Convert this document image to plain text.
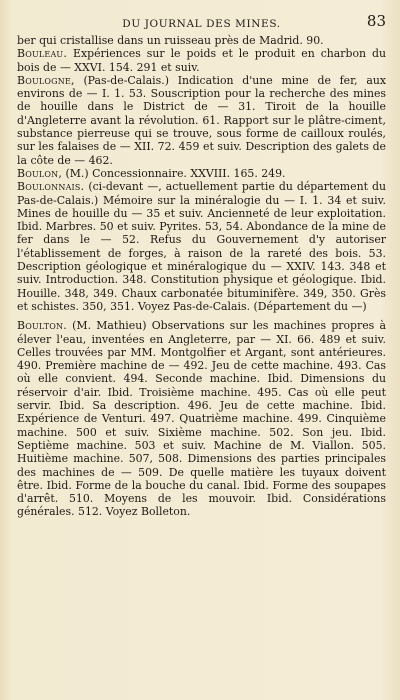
DU JOURNAL DES MINES.	83

ber qui cristallise dans un ruisseau près de Madrid. 90.

Bouleau. Expériences sur le poids et le produit en charbon du bois de — XXVI. 154. 291 et suiv.

Boulogne, (Pas-de-Calais.) Indication d'une mine de fer, aux environs de — I. 1. 53. Souscription pour la recherche des mines de houille dans le District de — 31. Tiroit de la houille d'Angleterre avant la révolution. 61. Rapport sur le plâtre-ciment, substance pierreuse qui se trouve, sous forme de cailloux roulés, sur les falaises de — XII. 72. 459 et suiv. Description des galets de la côte de — 462.

Boulon, (M.) Concessionnaire. XXVIII. 165. 249.

Boulonnais. (ci-devant —, actuellement partie du département du Pas-de-Calais.) Mémoire sur la minéralogie du — I. 1. 34 et suiv. Mines de houille du — 35 et suiv. Ancienneté de leur exploitation. Ibid. Marbres. 50 et suiv. Pyrites. 53, 54. Abondance de la mine de fer dans le — 52. Refus du Gouvernement d'y autoriser l'établissement de forges, à raison de la rareté des bois. 53. Description géologique et minéralogique du — XXIV. 143. 348 et suiv. Introduction. 348. Constitution physique et géologique. Ibid. Houille. 348, 349. Chaux carbonatée bituminifère. 349, 350. Grès et schistes. 350, 351. Voyez Pas-de-Calais. (Département du —)

Boulton. (M. Mathieu) Observations sur les machines propres à élever l'eau, inventées en Angleterre, par — XI. 66. 489 et suiv. Celles trouvées par MM. Montgolfier et Argant, sont antérieures. 490. Première machine de — 492. Jeu de cette machine. 493. Cas où elle convient. 494. Seconde machine. Ibid. Dimensions du réservoir d'air. Ibid. Troisième machine. 495. Cas où elle peut servir. Ibid. Sa description. 496. Jeu de cette machine. Ibid. Expérience de Venturi. 497. Quatrième machine. 499. Cinquième machine. 500 et suiv. Sixième machine. 502. Son jeu. Ibid. Septième machine. 503 et suiv. Machine de M. Viallon. 505. Huitième machine. 507, 508. Dimensions des parties principales des machines de — 509. De quelle matière les tuyaux doivent être. Ibid. Forme de la bouche du canal. Ibid. Forme des soupapes d'arrêt. 510. Moyens de les mouvoir. Ibid. Considérations générales. 512. Voyez Bolleton.
